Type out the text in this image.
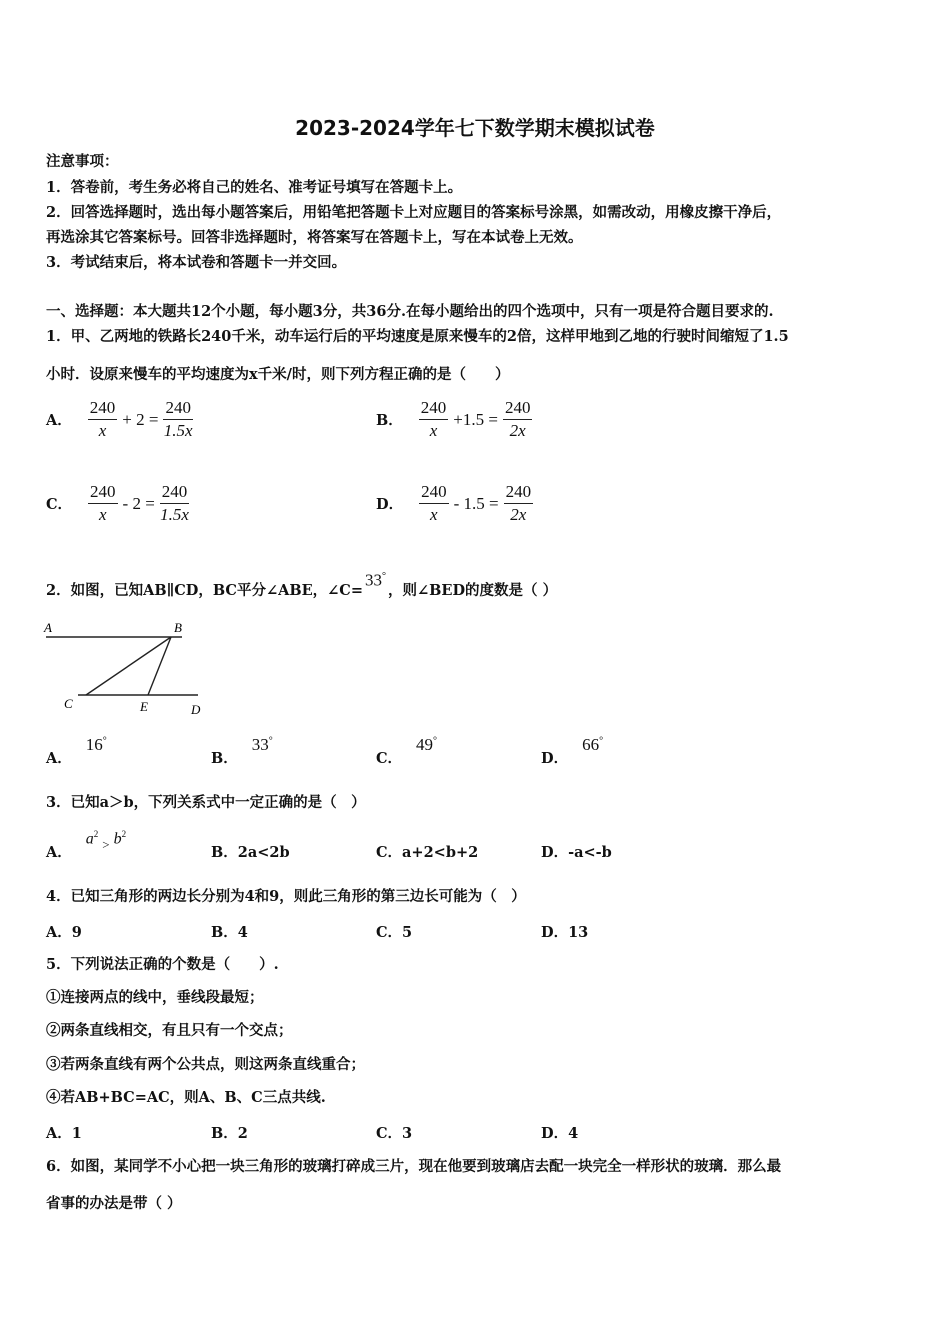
2023-2024学年七下数学期末模拟试卷
注意事项：
1．答卷前，考生务必将自己的姓名、准考证号填写在答题卡上。
2．回答选择题时，选出每小题答案后，用铅笔把答题卡上对应题目的答案标号涂黑，如需改动，用橡皮擦干净后，
再选涂其它答案标号。回答非选择题时，将答案写在答题卡上，写在本试卷上无效。
3．考试结束后，将本试卷和答题卡一并交回。
一、选择题：本大题共12个小题，每小题3分，共36分.在每小题给出的四个选项中，只有一项是符合题目要求的.
1．甲、乙两地的铁路长240千米，动车运行后的平均速度是原来慢车的2倍，这样甲地到乙地的行驶时间缩短了1.5
小时．设原来慢车的平均速度为x千米/时，则下列方程正确的是（　　）
A． $\frac{240}{x} + 2 = \frac{240}{1.5x}$	B． $\frac{240}{x} +1.5 = \frac{240}{2x}$
C． $\frac{240}{x} - 2 = \frac{240}{1.5x}$	D． $\frac{240}{x} - 1.5 = \frac{240}{2x}$
2．如图，已知AB∥CD，BC平分∠ABE，∠C=
33°
，则∠BED的度数是（ ）
A	B
C	E	D
A．
16°
B．
33°
C．
49°
D．
66°
3．已知a＞b，下列关系式中一定正确的是（　）
A．
$a^2$ $_>$ $b^2$
B．2a<2b	C．a+2<b+2	D．-a<-b
4．已知三角形的两边长分别为4和9，则此三角形的第三边长可能为（　）
A．9	B．4	C．5	D．13
5．下列说法正确的个数是（　　）.
①连接两点的线中，垂线段最短；
②两条直线相交，有且只有一个交点；
③若两条直线有两个公共点，则这两条直线重合；
④若AB+BC=AC，则A、B、C三点共线.
A．1	B．2	C．3	D．4
6．如图，某同学不小心把一块三角形的玻璃打碎成三片，现在他要到玻璃店去配一块完全一样形状的玻璃．那么最
省事的办法是带（ ）
